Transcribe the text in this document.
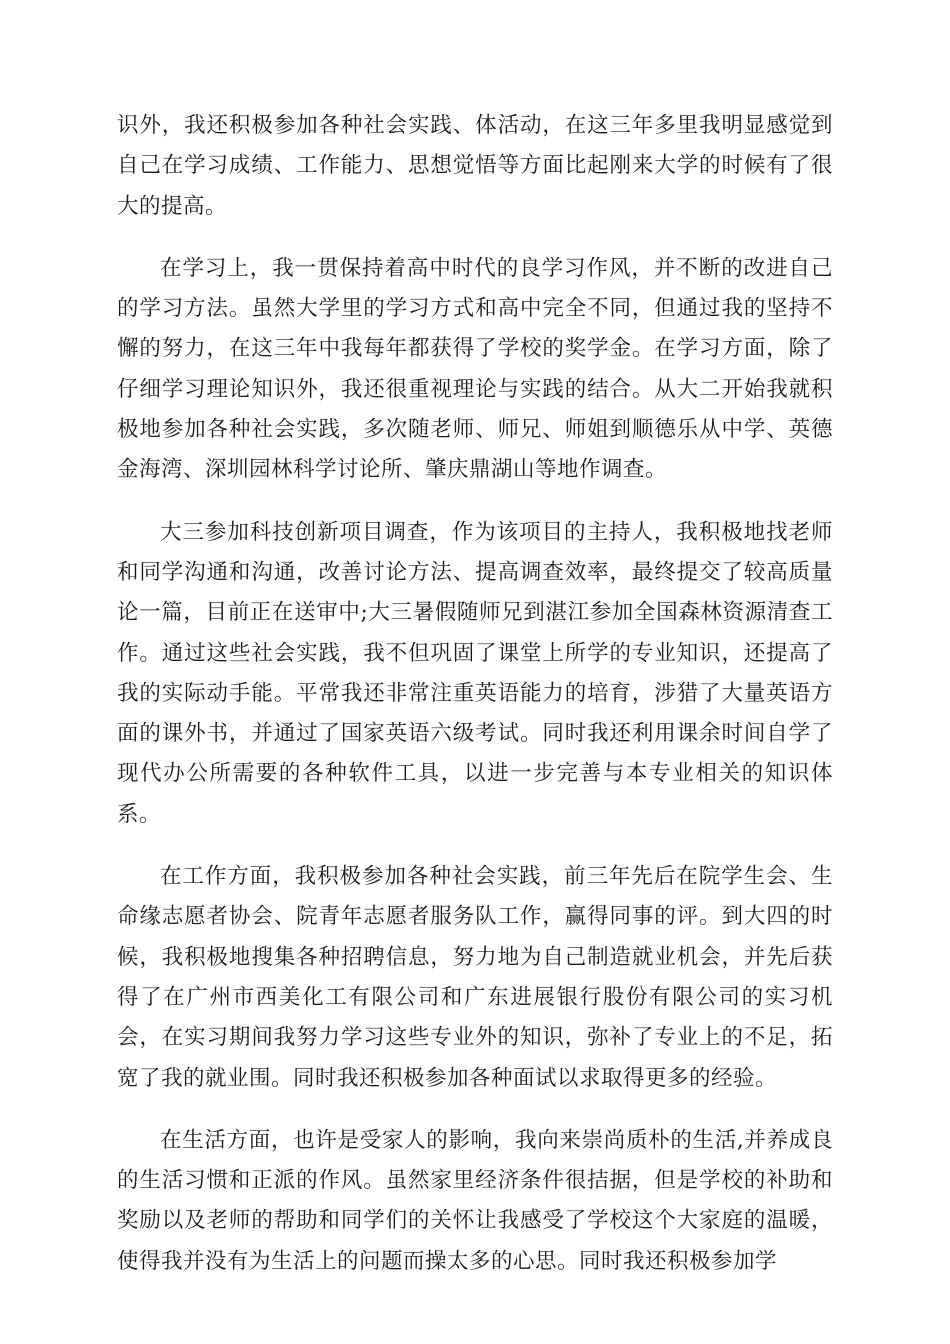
识外，我还积极参加各种社会实践、体活动，在这三年多里我明显感觉到自己在学习成绩、工作能力、思想觉悟等方面比起刚来大学的时候有了很大的提高。

在学习上，我一贯保持着高中时代的良学习作风，并不断的改进自己的学习方法。虽然大学里的学习方式和高中完全不同，但通过我的坚持不懈的努力，在这三年中我每年都获得了学校的奖学金。在学习方面，除了仔细学习理论知识外，我还很重视理论与实践的结合。从大二开始我就积极地参加各种社会实践，多次随老师、师兄、师姐到顺德乐从中学、英德金海湾、深圳园林科学讨论所、肇庆鼎湖山等地作调查。

大三参加科技创新项目调查，作为该项目的主持人，我积极地找老师和同学沟通和沟通，改善讨论方法、提高调查效率，最终提交了较高质量论一篇，目前正在送审中;大三暑假随师兄到湛江参加全国森林资源清查工作。通过这些社会实践，我不但巩固了课堂上所学的专业知识，还提高了我的实际动手能。平常我还非常注重英语能力的培育，涉猎了大量英语方面的课外书，并通过了国家英语六级考试。同时我还利用课余时间自学了现代办公所需要的各种软件工具，以进一步完善与本专业相关的知识体系。

在工作方面，我积极参加各种社会实践，前三年先后在院学生会、生命缘志愿者协会、院青年志愿者服务队工作，赢得同事的评。到大四的时候，我积极地搜集各种招聘信息，努力地为自己制造就业机会，并先后获得了在广州市西美化工有限公司和广东进展银行股份有限公司的实习机会，在实习期间我努力学习这些专业外的知识，弥补了专业上的不足，拓宽了我的就业围。同时我还积极参加各种面试以求取得更多的经验。

在生活方面，也许是受家人的影响，我向来崇尚质朴的生活,并养成良的生活习惯和正派的作风。虽然家里经济条件很拮据，但是学校的补助和奖励以及老师的帮助和同学们的关怀让我感受了学校这个大家庭的温暖，使得我并没有为生活上的问题而操太多的心思。同时我还积极参加学
